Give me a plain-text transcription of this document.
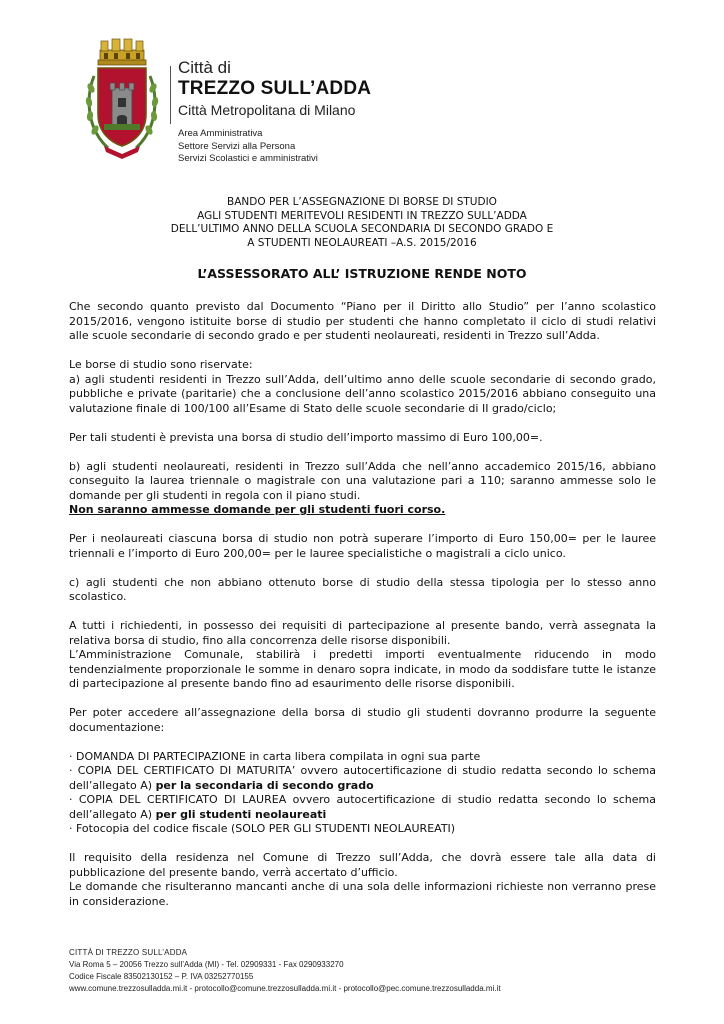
Città di
TREZZO SULL’ADDA
Città Metropolitana di Milano
Area Amministrativa
Settore Servizi alla Persona
Servizi Scolastici e amministrativi
BANDO PER L’ASSEGNAZIONE DI BORSE DI STUDIO
AGLI STUDENTI MERITEVOLI RESIDENTI IN TREZZO SULL’ADDA
DELL’ULTIMO ANNO DELLA SCUOLA SECONDARIA DI SECONDO GRADO E
A STUDENTI NEOLAUREATI –A.S. 2015/2016
L’ASSESSORATO ALL’ ISTRUZIONE RENDE NOTO

Che secondo quanto previsto dal Documento “Piano per il Diritto allo Studio” per l’anno scolastico 2015/2016, vengono istituite borse di studio per studenti che hanno completato il ciclo di studi relativi alle scuole secondarie di secondo grado e per studenti neolaureati, residenti in Trezzo sull’Adda.

Le borse di studio sono riservate:

a) agli studenti residenti in Trezzo sull’Adda, dell’ultimo anno delle scuole secondarie di secondo grado, pubbliche e private (paritarie) che a conclusione dell’anno scolastico 2015/2016 abbiano conseguito una valutazione finale di 100/100 all’Esame di Stato delle scuole secondarie di II grado/ciclo;

Per tali studenti è prevista una borsa di studio dell’importo massimo di Euro 100,00=.

b) agli studenti neolaureati, residenti in Trezzo sull’Adda che nell’anno accademico 2015/16, abbiano conseguito la laurea triennale o magistrale con una valutazione pari a 110; saranno ammesse solo le domande per gli studenti in regola con il piano studi.

Non saranno ammesse domande per gli studenti fuori corso.

Per i neolaureati ciascuna borsa di studio non potrà superare l’importo di Euro 150,00= per le lauree triennali e l’importo di Euro 200,00= per le lauree specialistiche o magistrali a ciclo unico.

c) agli studenti che non abbiano ottenuto borse di studio della stessa tipologia per lo stesso anno scolastico.

A tutti i richiedenti, in possesso dei requisiti di partecipazione al presente bando, verrà assegnata la relativa borsa di studio, fino alla concorrenza delle risorse disponibili.

L’Amministrazione Comunale, stabilirà i predetti importi eventualmente riducendo in modo tendenzialmente proporzionale le somme in denaro sopra indicate, in modo da soddisfare tutte le istanze di partecipazione al presente bando fino ad esaurimento delle risorse disponibili.

Per poter accedere all’assegnazione della borsa di studio gli studenti dovranno produrre la seguente documentazione:

· DOMANDA DI PARTECIPAZIONE in carta libera compilata in ogni sua parte

· COPIA DEL CERTIFICATO DI MATURITA’ ovvero autocertificazione di studio redatta secondo lo schema dell’allegato A) per la secondaria di secondo grado

· COPIA DEL CERTIFICATO DI LAUREA ovvero autocertificazione di studio redatta secondo lo schema dell’allegato A) per gli studenti neolaureati

· Fotocopia del codice fiscale (SOLO PER GLI STUDENTI NEOLAUREATI)

Il requisito della residenza nel Comune di Trezzo sull’Adda, che dovrà essere tale alla data di pubblicazione del presente bando, verrà accertato d’ufficio.

Le domande che risulteranno mancanti anche di una sola delle informazioni richieste non verranno prese in considerazione.

CITTÀ DI TREZZO SULL’ADDA
Via Roma 5 – 20056 Trezzo sull’Adda (MI) - Tel. 02909331 - Fax 0290933270
Codice Fiscale 83502130152 – P. IVA 03252770155
www.comune.trezzosulladda.mi.it - protocollo@comune.trezzosulladda.mi.it - protocollo@pec.comune.trezzosulladda.mi.it
